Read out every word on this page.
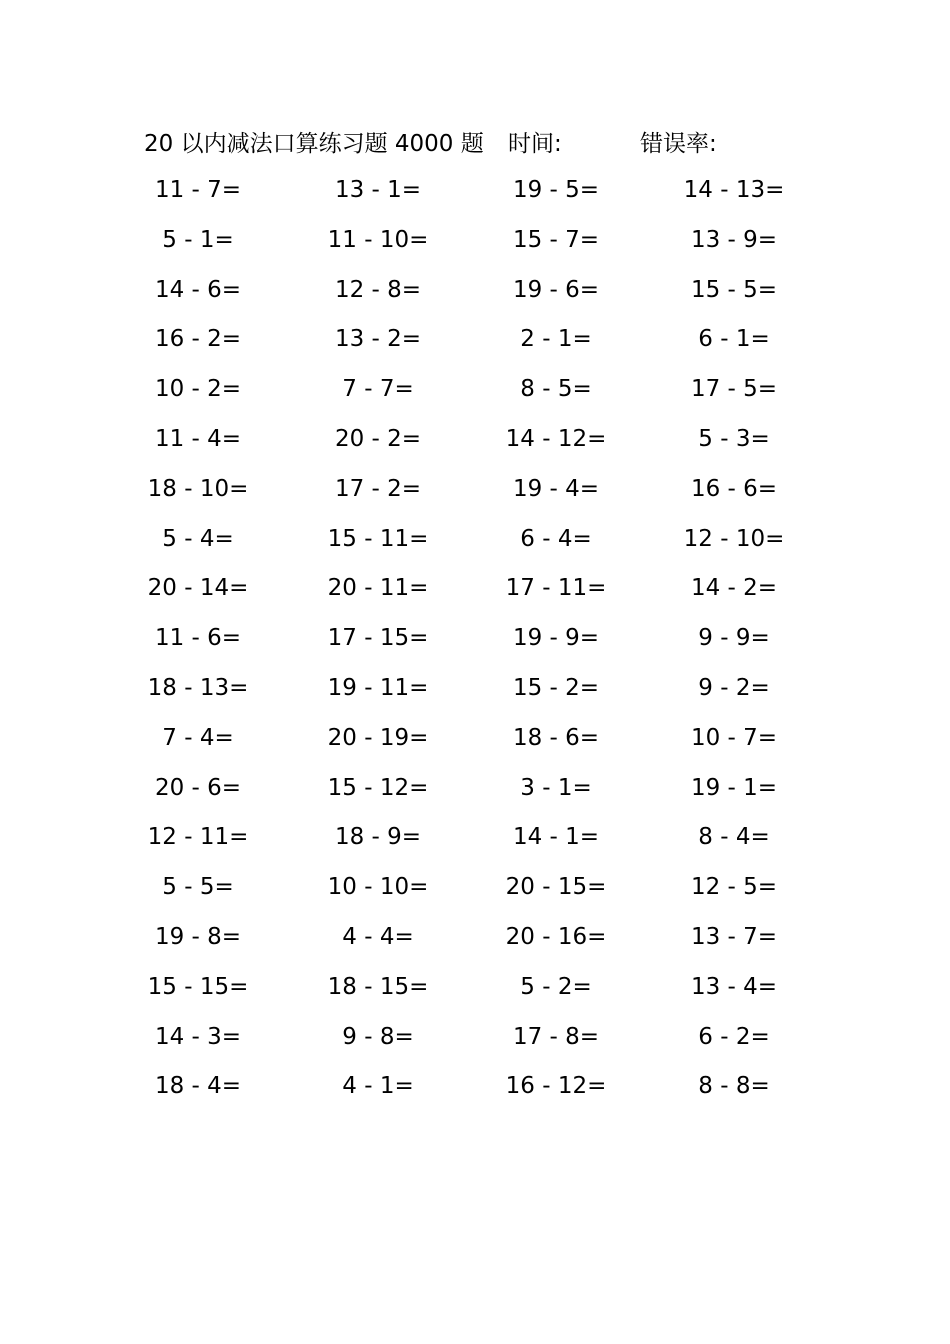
20 以内减法口算练习题 4000 题 时间:	错误率:
11 - 7=	13 - 1=	19 - 5=	14 - 13=
5 - 1=	11 - 10=	15 - 7=	13 - 9=
14 - 6=	12 - 8=	19 - 6=	15 - 5=
16 - 2=	13 - 2=	2 - 1=	6 - 1=
10 - 2=	7 - 7=	8 - 5=	17 - 5=
11 - 4=	20 - 2=	14 - 12=	5 - 3=
18 - 10=	17 - 2=	19 - 4=	16 - 6=
5 - 4=	15 - 11=	6 - 4=	12 - 10=
20 - 14=	20 - 11=	17 - 11=	14 - 2=
11 - 6=	17 - 15=	19 - 9=	9 - 9=
18 - 13=	19 - 11=	15 - 2=	9 - 2=
7 - 4=	20 - 19=	18 - 6=	10 - 7=
20 - 6=	15 - 12=	3 - 1=	19 - 1=
12 - 11=	18 - 9=	14 - 1=	8 - 4=
5 - 5=	10 - 10=	20 - 15=	12 - 5=
19 - 8=	4 - 4=	20 - 16=	13 - 7=
15 - 15=	18 - 15=	5 - 2=	13 - 4=
14 - 3=	9 - 8=	17 - 8=	6 - 2=
18 - 4=	4 - 1=	16 - 12=	8 - 8=
